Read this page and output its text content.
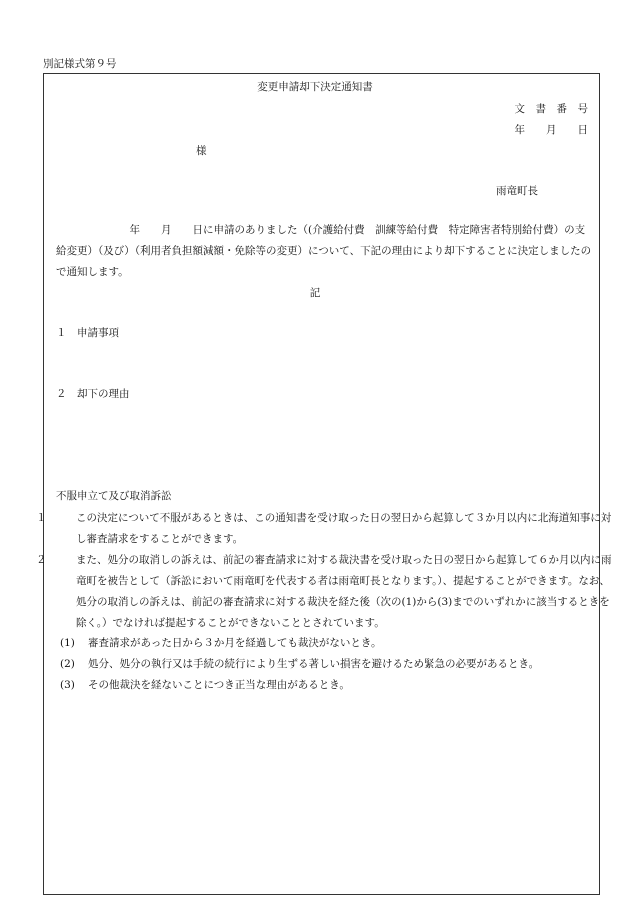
別記様式第９号
変更申請却下決定通知書
文　書　番　号
年　　月　　日
様
雨竜町長
　　　　　　　年　　月　　日に申請のありました（(介護給付費　訓練等給付費　特定障害者特別給付費）の支給変更）（及び）（利用者負担額減額・免除等の変更）について、下記の理由により却下することに決定しましたので通知します。
記
１　申請事項
２　却下の理由
不服申立て及び取消訴訟
１	この決定について不服があるときは、この通知書を受け取った日の翌日から起算して３か月以内に北海道知事に対し審査請求をすることができます。
２	また、処分の取消しの訴えは、前記の審査請求に対する裁決書を受け取った日の翌日から起算して６か月以内に雨竜町を被告として（訴訟において雨竜町を代表する者は雨竜町長となります。）、提起することができます。なお、処分の取消しの訴えは、前記の審査請求に対する裁決を経た後（次の(1)から(3)までのいずれかに該当するときを除く。）でなければ提起することができないこととされています。
(1) 審査請求があった日から３か月を経過しても裁決がないとき。
(2) 処分、処分の執行又は手続の続行により生ずる著しい損害を避けるため緊急の必要があるとき。
(3) その他裁決を経ないことにつき正当な理由があるとき。
